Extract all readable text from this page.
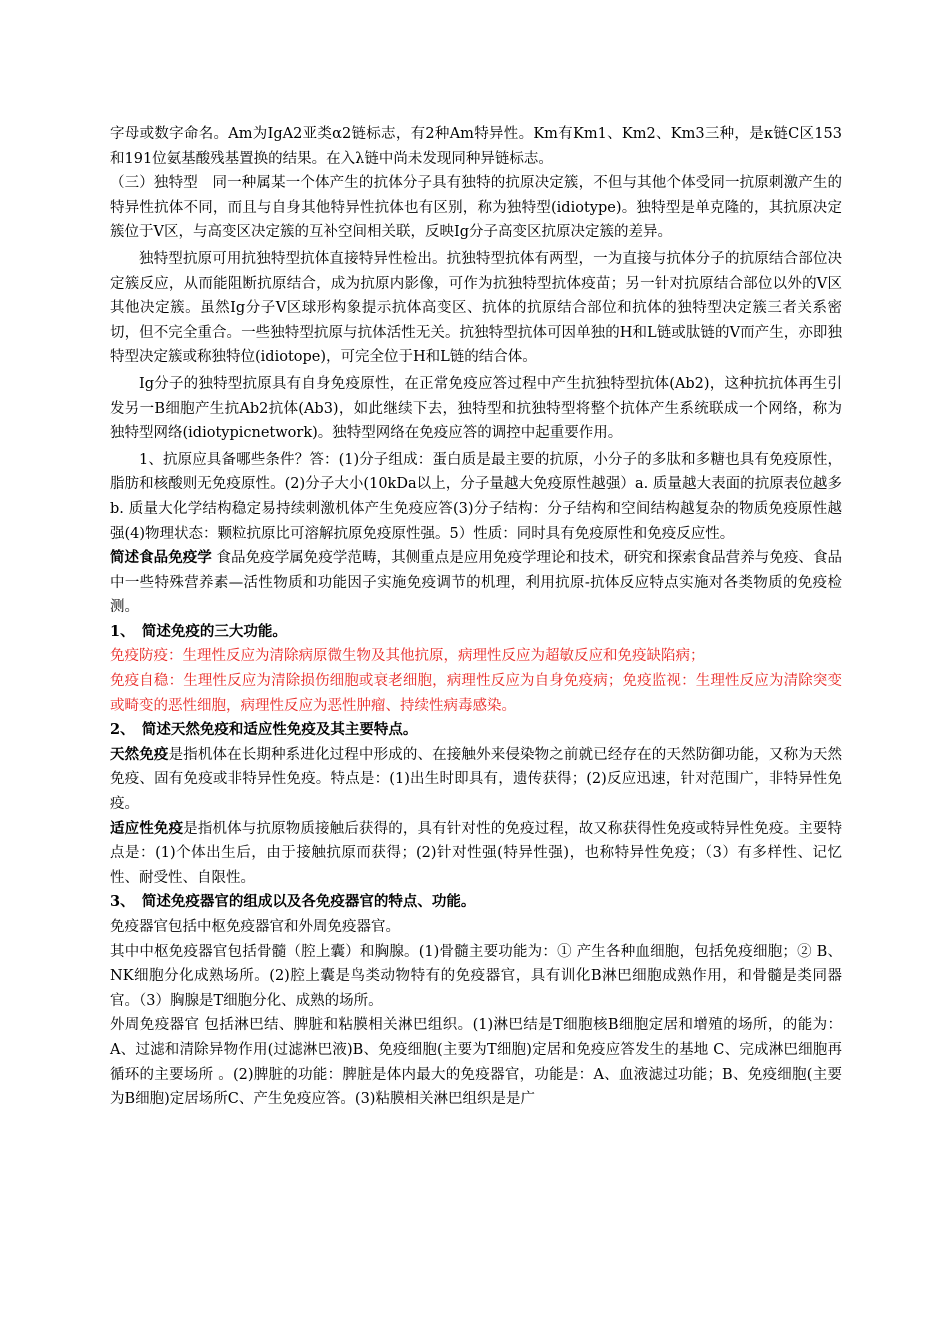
字母或数字命名。Am为IgA2亚类α2链标志，有2种Am特异性。Km有Km1、Km2、Km3三种，是κ链C区153和191位氨基酸残基置换的结果。在入λ链中尚未发现同种异链标志。

（三）独特型　同一种属某一个体产生的抗体分子具有独特的抗原决定簇，不但与其他个体受同一抗原刺激产生的特异性抗体不同，而且与自身其他特异性抗体也有区别，称为独特型(idiotype)。独特型是单克隆的，其抗原决定簇位于V区，与高变区决定簇的互补空间相关联，反映Ig分子高变区抗原决定簇的差异。

独特型抗原可用抗独特型抗体直接特异性检出。抗独特型抗体有两型，一为直接与抗体分子的抗原结合部位决定簇反应，从而能阻断抗原结合，成为抗原内影像，可作为抗独特型抗体疫苗；另一针对抗原结合部位以外的V区其他决定簇。虽然Ig分子V区球形构象提示抗体高变区、抗体的抗原结合部位和抗体的独特型决定簇三者关系密切，但不完全重合。一些独特型抗原与抗体活性无关。抗独特型抗体可因单独的H和L链或肽链的V而产生，亦即独特型决定簇或称独特位(idiotope)，可完全位于H和L链的结合体。

Ig分子的独特型抗原具有自身免疫原性，在正常免疫应答过程中产生抗独特型抗体(Ab2)，这种抗抗体再生引发另一B细胞产生抗Ab2抗体(Ab3)，如此继续下去，独特型和抗独特型将整个抗体产生系统联成一个网络，称为独特型网络(idiotypicnetwork)。独特型网络在免疫应答的调控中起重要作用。

1、抗原应具备哪些条件？答：(1)分子组成：蛋白质是最主要的抗原，小分子的多肽和多糖也具有免疫原性，脂肪和核酸则无免疫原性。(2)分子大小(10kDa以上，分子量越大免疫原性越强）a. 质量越大表面的抗原表位越多　　b. 质量大化学结构稳定易持续刺激机体产生免疫应答(3)分子结构：分子结构和空间结构越复杂的物质免疫原性越强(4)物理状态：颗粒抗原比可溶解抗原免疫原性强。5）性质：同时具有免疫原性和免疫反应性。

简述食品免疫学 食品免疫学属免疫学范畴，其侧重点是应用免疫学理论和技术，研究和探索食品营养与免疫、食品中一些特殊营养素—活性物质和功能因子实施免疫调节的机理，利用抗原-抗体反应特点实施对各类物质的免疫检测。

1、　简述免疫的三大功能。

免疫防疫：生理性反应为清除病原微生物及其他抗原，病理性反应为超敏反应和免疫缺陷病；

免疫自稳：生理性反应为清除损伤细胞或衰老细胞，病理性反应为自身免疫病；免疫监视：生理性反应为清除突变或畸变的恶性细胞，病理性反应为恶性肿瘤、持续性病毒感染。

2、　简述天然免疫和适应性免疫及其主要特点。

天然免疫是指机体在长期种系进化过程中形成的、在接触外来侵染物之前就已经存在的天然防御功能，又称为天然免疫、固有免疫或非特异性免疫。特点是：(1)出生时即具有，遗传获得；(2)反应迅速，针对范围广，非特异性免疫。

适应性免疫是指机体与抗原物质接触后获得的，具有针对性的免疫过程，故又称获得性免疫或特异性免疫。主要特点是：(1)个体出生后，由于接触抗原而获得；(2)针对性强(特异性强)，也称特异性免疫；（3）有多样性、记忆性、耐受性、自限性。

3、　简述免疫器官的组成以及各免疫器官的特点、功能。

免疫器官包括中枢免疫器官和外周免疫器官。

其中中枢免疫器官包括骨髓（腔上囊）和胸腺。(1)骨髓主要功能为：① 产生各种血细胞，包括免疫细胞；② B、NK细胞分化成熟场所。(2)腔上囊是鸟类动物特有的免疫器官，具有训化B淋巴细胞成熟作用，和骨髓是类同器官。（3）胸腺是T细胞分化、成熟的场所。

外周免疫器官 包括淋巴结、脾脏和粘膜相关淋巴组织。(1)淋巴结是T细胞核B细胞定居和增殖的场所，的能为：A、过滤和清除异物作用(过滤淋巴液)B、免疫细胞(主要为T细胞)定居和免疫应答发生的基地 C、完成淋巴细胞再循环的主要场所 。(2)脾脏的功能：脾脏是体内最大的免疫器官，功能是：A、血液滤过功能；B、免疫细胞(主要为B细胞)定居场所C、产生免疫应答。(3)粘膜相关淋巴组织是是广
